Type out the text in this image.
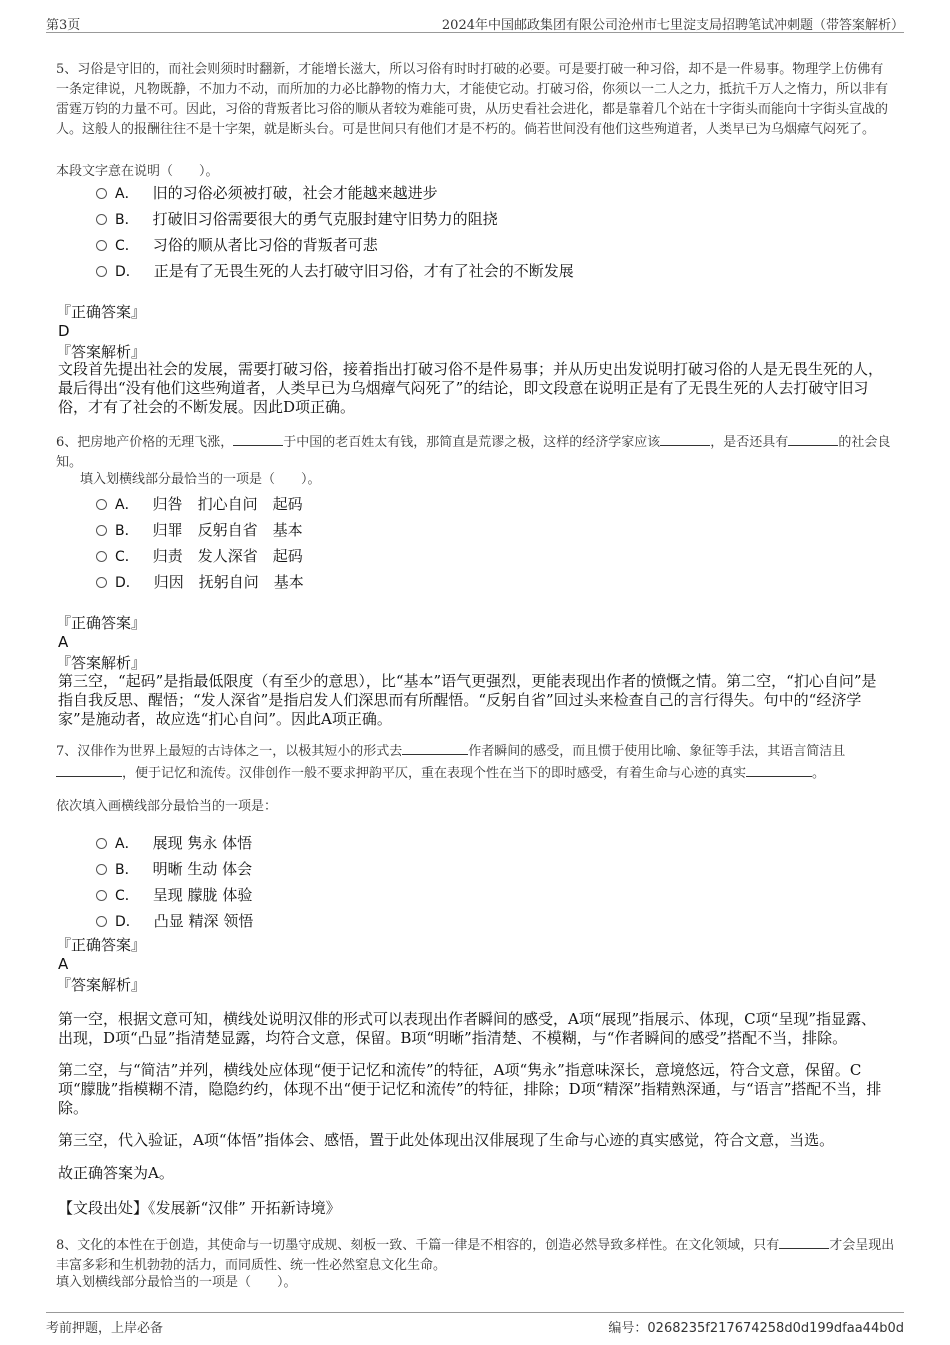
第3页	2024年中国邮政集团有限公司沧州市七里淀支局招聘笔试冲刺题（带答案解析）
5、习俗是守旧的，而社会则须时时翻新，才能增长滋大，所以习俗有时时打破的必要。可是要打破一种习俗，却不是一件易事。物理学上仿佛有一条定律说，凡物既静，不加力不动，而所加的力必比静物的惰力大，才能使它动。打破习俗，你须以一二人之力，抵抗千万人之惰力，所以非有雷霆万钧的力量不可。因此，习俗的背叛者比习俗的顺从者较为难能可贵，从历史看社会进化，都是靠着几个站在十字街头而能向十字街头宣战的人。这般人的报酬往往不是十字架，就是断头台。可是世间只有他们才是不朽的。倘若世间没有他们这些殉道者，人类早已为乌烟瘴气闷死了。
本段文字意在说明（　　）。
A． 旧的习俗必须被打破，社会才能越来越进步
B． 打破旧习俗需要很大的勇气克服封建守旧势力的阻挠
C． 习俗的顺从者比习俗的背叛者可悲
D． 正是有了无畏生死的人去打破守旧习俗，才有了社会的不断发展
『正确答案』
D
『答案解析』
文段首先提出社会的发展，需要打破习俗，接着指出打破习俗不是件易事；并从历史出发说明打破习俗的人是无畏生死的人，最后得出“没有他们这些殉道者，人类早已为乌烟瘴气闷死了”的结论，即文段意在说明正是有了无畏生死的人去打破守旧习俗，才有了社会的不断发展。因此D项正确。
6、把房地产价格的无理飞涨，	于中国的老百姓太有钱，那简直是荒谬之极，这样的经济学家应该	，是否还具有	的社会良知。
填入划横线部分最恰当的一项是（　　）。
A． 归咎　扪心自问　起码
B． 归罪　反躬自省　基本
C． 归责　发人深省　起码
D． 归因　抚躬自问　基本
『正确答案』
A
『答案解析』
第三空，“起码”是指最低限度（有至少的意思），比“基本”语气更强烈，更能表现出作者的愤慨之情。第二空，“扪心自问”是指自我反思、醒悟；“发人深省”是指启发人们深思而有所醒悟。“反躬自省”回过头来检查自己的言行得失。句中的“经济学家”是施动者，故应选“扪心自问”。因此A项正确。
7、汉俳作为世界上最短的古诗体之一，以极其短小的形式去	作者瞬间的感受，而且惯于使用比喻、象征等手法，其语言简洁且，便于记忆和流传。汉俳创作一般不要求押韵平仄，重在表现个性在当下的即时感受，有着生命与心迹的真实	。
依次填入画横线部分最恰当的一项是：
A． 展现 隽永 体悟
B． 明晰 生动 体会
C． 呈现 朦胧 体验
D． 凸显 精深 领悟
『正确答案』
A
『答案解析』
第一空，根据文意可知，横线处说明汉俳的形式可以表现出作者瞬间的感受，A项“展现”指展示、体现，C项“呈现”指显露、出现，D项“凸显”指清楚显露，均符合文意，保留。B项“明晰”指清楚、不模糊，与“作者瞬间的感受”搭配不当，排除。
第二空，与“简洁”并列，横线处应体现“便于记忆和流传”的特征，A项“隽永”指意味深长，意境悠远，符合文意，保留。C项“朦胧”指模糊不清，隐隐约约，体现不出“便于记忆和流传”的特征，排除；D项“精深”指精熟深通，与“语言”搭配不当，排除。
第三空，代入验证，A项“体悟”指体会、感悟，置于此处体现出汉俳展现了生命与心迹的真实感觉，符合文意，当选。
故正确答案为A。
【文段出处】《发展新“汉俳” 开拓新诗境》
8、文化的本性在于创造，其使命与一切墨守成规、刻板一致、千篇一律是不相容的，创造必然导致多样性。在文化领域，只有	才会呈现出丰富多彩和生机勃勃的活力，而同质性、统一性必然窒息文化生命。
填入划横线部分最恰当的一项是（　　）。
考前押题，上岸必备	编号：0268235f217674258d0d199dfaa44b0d
